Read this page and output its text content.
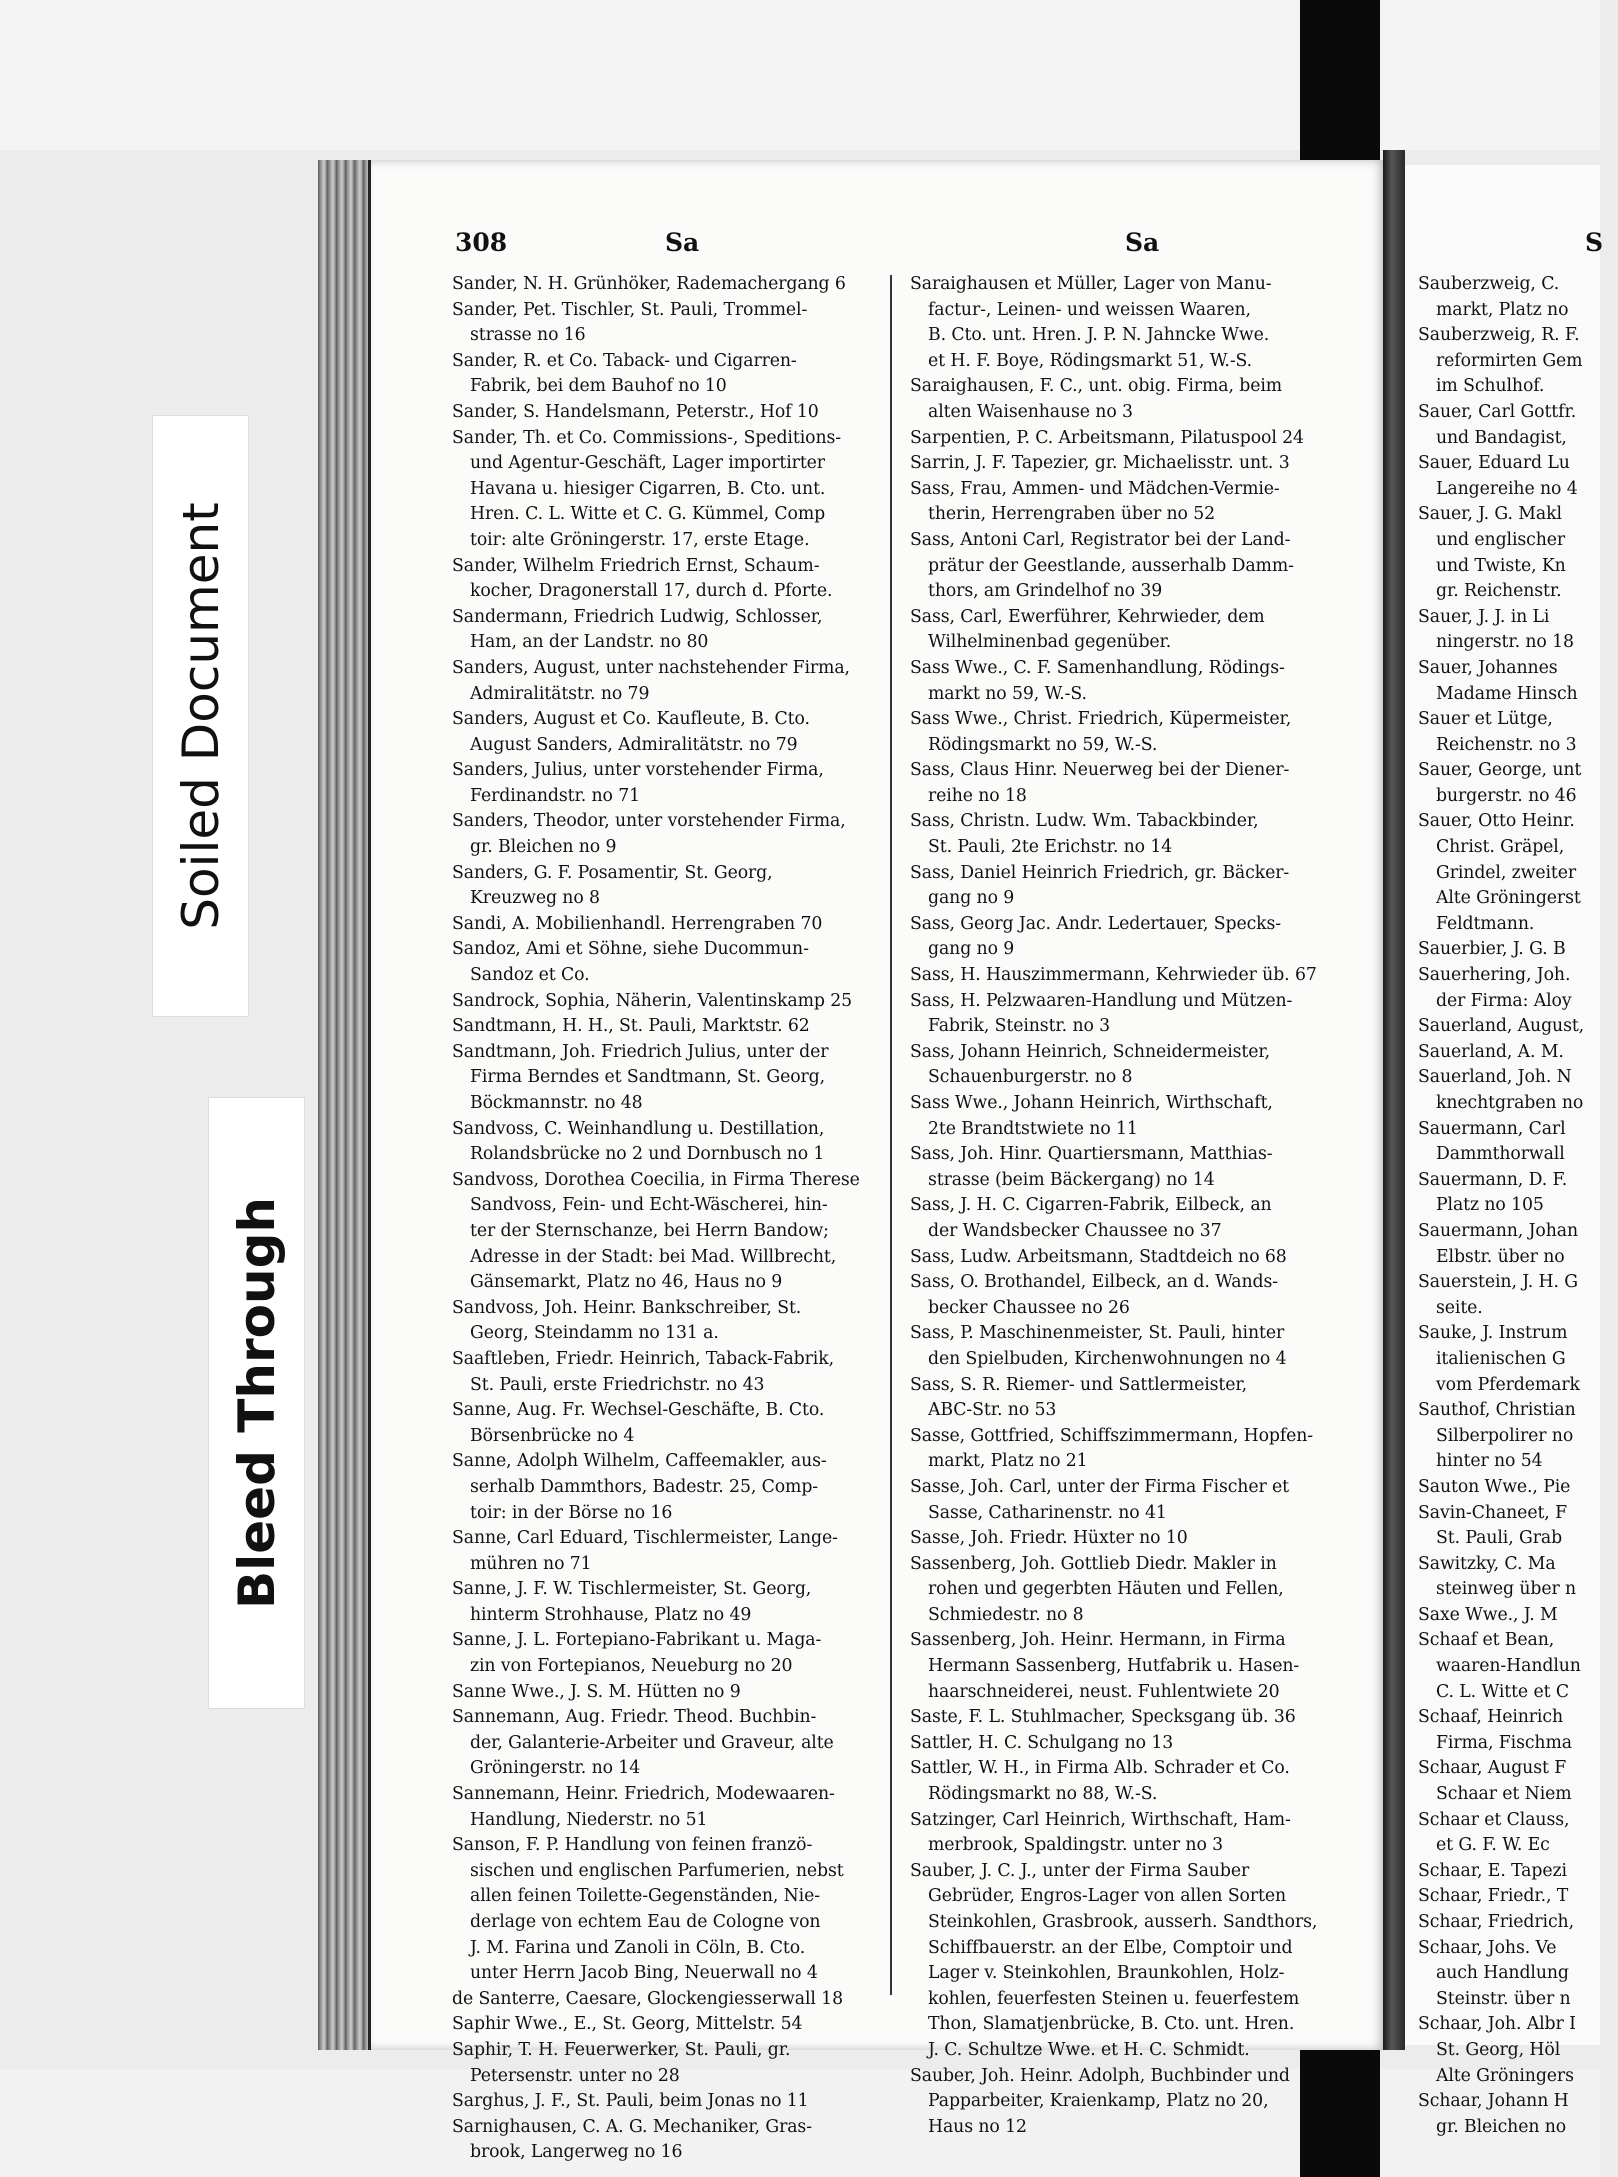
308	Sa	Sa	S
Sander, N. H. Grünhöker, Rademachergang 6
Sander, Pet. Tischler, St. Pauli, Trommel-
strasse no 16
Sander, R. et Co. Taback- und Cigarren-
Fabrik, bei dem Bauhof no 10
Sander, S. Handelsmann, Peterstr., Hof 10
Sander, Th. et Co. Commissions-, Speditions-
und Agentur-Geschäft, Lager importirter
Havana u. hiesiger Cigarren, B. Cto. unt.
Hren. C. L. Witte et C. G. Kümmel, Comp
toir: alte Gröningerstr. 17, erste Etage.
Sander, Wilhelm Friedrich Ernst, Schaum-
kocher, Dragonerstall 17, durch d. Pforte.
Sandermann, Friedrich Ludwig, Schlosser,
Ham, an der Landstr. no 80
Sanders, August, unter nachstehender Firma,
Admiralitätstr. no 79
Sanders, August et Co. Kaufleute, B. Cto.
August Sanders, Admiralitätstr. no 79
Sanders, Julius, unter vorstehender Firma,
Ferdinandstr. no 71
Sanders, Theodor, unter vorstehender Firma,
gr. Bleichen no 9
Sanders, G. F. Posamentir, St. Georg,
Kreuzweg no 8
Sandi, A. Mobilienhandl. Herrengraben 70
Sandoz, Ami et Söhne, siehe Ducommun-
Sandoz et Co.
Sandrock, Sophia, Näherin, Valentinskamp 25
Sandtmann, H. H., St. Pauli, Marktstr. 62
Sandtmann, Joh. Friedrich Julius, unter der
Firma Berndes et Sandtmann, St. Georg,
Böckmannstr. no 48
Sandvoss, C. Weinhandlung u. Destillation,
Rolandsbrücke no 2 und Dornbusch no 1
Sandvoss, Dorothea Coecilia, in Firma Therese
Sandvoss, Fein- und Echt-Wäscherei, hin-
ter der Sternschanze, bei Herrn Bandow;
Adresse in der Stadt: bei Mad. Willbrecht,
Gänsemarkt, Platz no 46, Haus no 9
Sandvoss, Joh. Heinr. Bankschreiber, St.
Georg, Steindamm no 131 a.
Saaftleben, Friedr. Heinrich, Taback-Fabrik,
St. Pauli, erste Friedrichstr. no 43
Sanne, Aug. Fr. Wechsel-Geschäfte, B. Cto.
Börsenbrücke no 4
Sanne, Adolph Wilhelm, Caffeemakler, aus-
serhalb Dammthors, Badestr. 25, Comp-
toir: in der Börse no 16
Sanne, Carl Eduard, Tischlermeister, Lange-
mühren no 71
Sanne, J. F. W. Tischlermeister, St. Georg,
hinterm Strohhause, Platz no 49
Sanne, J. L. Fortepiano-Fabrikant u. Maga-
zin von Fortepianos, Neueburg no 20
Sanne Wwe., J. S. M. Hütten no 9
Sannemann, Aug. Friedr. Theod. Buchbin-
der, Galanterie-Arbeiter und Graveur, alte
Gröningerstr. no 14
Sannemann, Heinr. Friedrich, Modewaaren-
Handlung, Niederstr. no 51
Sanson, F. P. Handlung von feinen franzö-
sischen und englischen Parfumerien, nebst
allen feinen Toilette-Gegenständen, Nie-
derlage von echtem Eau de Cologne von
J. M. Farina und Zanoli in Cöln, B. Cto.
unter Herrn Jacob Bing, Neuerwall no 4
de Santerre, Caesare, Glockengiesserwall 18
Saphir Wwe., E., St. Georg, Mittelstr. 54
Saphir, T. H. Feuerwerker, St. Pauli, gr.
Petersenstr. unter no 28
Sarghus, J. F., St. Pauli, beim Jonas no 11
Sarnighausen, C. A. G. Mechaniker, Gras-
brook, Langerweg no 16
Saraighausen et Müller, Lager von Manu-
factur-, Leinen- und weissen Waaren,
B. Cto. unt. Hren. J. P. N. Jahncke Wwe.
et H. F. Boye, Rödingsmarkt 51, W.-S.
Saraighausen, F. C., unt. obig. Firma, beim
alten Waisenhause no 3
Sarpentien, P. C. Arbeitsmann, Pilatuspool 24
Sarrin, J. F. Tapezier, gr. Michaelisstr. unt. 3
Sass, Frau, Ammen- und Mädchen-Vermie-
therin, Herrengraben über no 52
Sass, Antoni Carl, Registrator bei der Land-
prätur der Geestlande, ausserhalb Damm-
thors, am Grindelhof no 39
Sass, Carl, Ewerführer, Kehrwieder, dem
Wilhelminenbad gegenüber.
Sass Wwe., C. F. Samenhandlung, Rödings-
markt no 59, W.-S.
Sass Wwe., Christ. Friedrich, Küpermeister,
Rödingsmarkt no 59, W.-S.
Sass, Claus Hinr. Neuerweg bei der Diener-
reihe no 18
Sass, Christn. Ludw. Wm. Tabackbinder,
St. Pauli, 2te Erichstr. no 14
Sass, Daniel Heinrich Friedrich, gr. Bäcker-
gang no 9
Sass, Georg Jac. Andr. Ledertauer, Specks-
gang no 9
Sass, H. Hauszimmermann, Kehrwieder üb. 67
Sass, H. Pelzwaaren-Handlung und Mützen-
Fabrik, Steinstr. no 3
Sass, Johann Heinrich, Schneidermeister,
Schauenburgerstr. no 8
Sass Wwe., Johann Heinrich, Wirthschaft,
2te Brandtstwiete no 11
Sass, Joh. Hinr. Quartiersmann, Matthias-
strasse (beim Bäckergang) no 14
Sass, J. H. C. Cigarren-Fabrik, Eilbeck, an
der Wandsbecker Chaussee no 37
Sass, Ludw. Arbeitsmann, Stadtdeich no 68
Sass, O. Brothandel, Eilbeck, an d. Wands-
becker Chaussee no 26
Sass, P. Maschinenmeister, St. Pauli, hinter
den Spielbuden, Kirchenwohnungen no 4
Sass, S. R. Riemer- und Sattlermeister,
ABC-Str. no 53
Sasse, Gottfried, Schiffszimmermann, Hopfen-
markt, Platz no 21
Sasse, Joh. Carl, unter der Firma Fischer et
Sasse, Catharinenstr. no 41
Sasse, Joh. Friedr. Hüxter no 10
Sassenberg, Joh. Gottlieb Diedr. Makler in
rohen und gegerbten Häuten und Fellen,
Schmiedestr. no 8
Sassenberg, Joh. Heinr. Hermann, in Firma
Hermann Sassenberg, Hutfabrik u. Hasen-
haarschneiderei, neust. Fuhlentwiete 20
Saste, F. L. Stuhlmacher, Specksgang üb. 36
Sattler, H. C. Schulgang no 13
Sattler, W. H., in Firma Alb. Schrader et Co.
Rödingsmarkt no 88, W.-S.
Satzinger, Carl Heinrich, Wirthschaft, Ham-
merbrook, Spaldingstr. unter no 3
Sauber, J. C. J., unter der Firma Sauber
Gebrüder, Engros-Lager von allen Sorten
Steinkohlen, Grasbrook, ausserh. Sandthors,
Schiffbauerstr. an der Elbe, Comptoir und
Lager v. Steinkohlen, Braunkohlen, Holz-
kohlen, feuerfesten Steinen u. feuerfestem
Thon, Slamatjenbrücke, B. Cto. unt. Hren.
J. C. Schultze Wwe. et H. C. Schmidt.
Sauber, Joh. Heinr. Adolph, Buchbinder und
Papparbeiter, Kraienkamp, Platz no 20,
Haus no 12
Sauberzweig, C.
markt, Platz no
Sauberzweig, R. F.
reformirten Gem
im Schulhof.
Sauer, Carl Gottfr.
und Bandagist,
Sauer, Eduard Lu
Langereihe no 4
Sauer, J. G. Makl
und englischer
und Twiste, Kn
gr. Reichenstr.
Sauer, J. J. in Li
ningerstr. no 18
Sauer, Johannes
Madame Hinsch
Sauer et Lütge,
Reichenstr. no 3
Sauer, George, unt
burgerstr. no 46
Sauer, Otto Heinr.
Christ. Gräpel,
Grindel, zweiter
Alte Gröningerst
Feldtmann.
Sauerbier, J. G. B
Sauerhering, Joh.
der Firma: Aloy
Sauerland, August,
Sauerland, A. M.
Sauerland, Joh. N
knechtgraben no
Sauermann, Carl
Dammthorwall
Sauermann, D. F.
Platz no 105
Sauermann, Johan
Elbstr. über no
Sauerstein, J. H. G
seite.
Sauke, J. Instrum
italienischen G
vom Pferdemark
Sauthof, Christian
Silberpolirer no
hinter no 54
Sauton Wwe., Pie
Savin-Chaneet, F
St. Pauli, Grab
Sawitzky, C. Ma
steinweg über n
Saxe Wwe., J. M
Schaaf et Bean,
waaren-Handlun
C. L. Witte et C
Schaaf, Heinrich
Firma, Fischma
Schaar, August F
Schaar et Niem
Schaar et Clauss,
et G. F. W. Ec
Schaar, E. Tapezi
Schaar, Friedr., T
Schaar, Friedrich,
Schaar, Johs. Ve
auch Handlung
Steinstr. über n
Schaar, Joh. Albr I
St. Georg, Höl
Alte Gröningers
Schaar, Johann H
gr. Bleichen no
Soiled Document
Bleed Through
